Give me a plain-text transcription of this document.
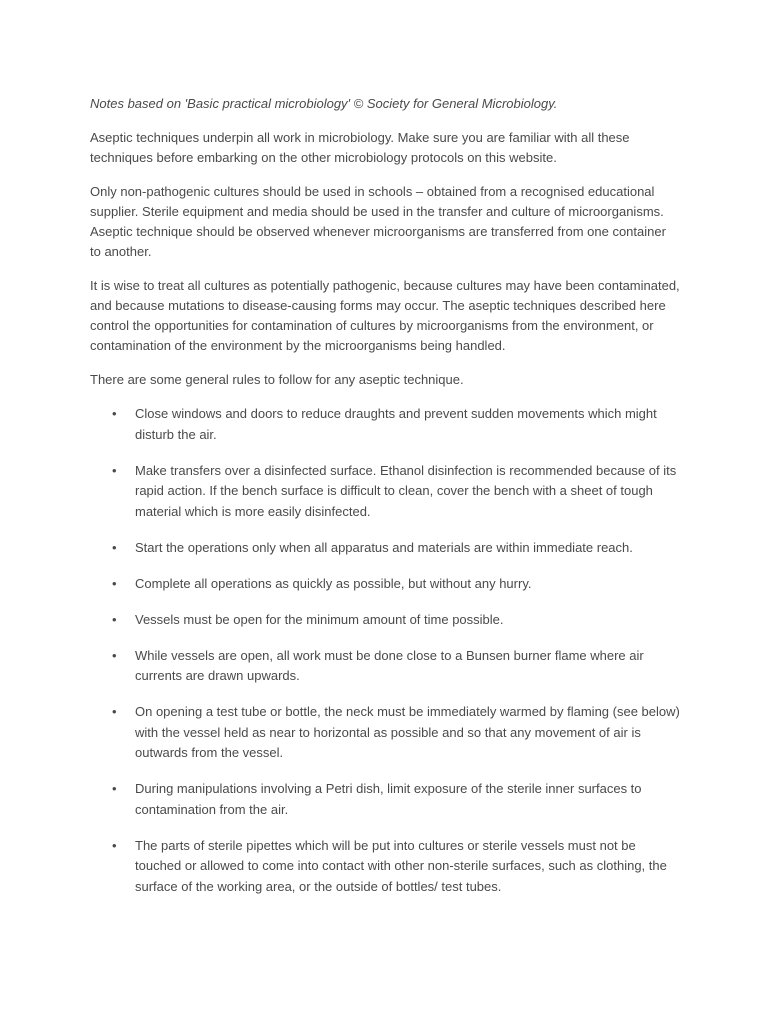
Notes based on 'Basic practical microbiology' © Society for General Microbiology.

Aseptic techniques underpin all work in microbiology. Make sure you are familiar with all these techniques before embarking on the other microbiology protocols on this website.

Only non-pathogenic cultures should be used in schools – obtained from a recognised educational supplier. Sterile equipment and media should be used in the transfer and culture of microorganisms. Aseptic technique should be observed whenever microorganisms are transferred from one container to another.

It is wise to treat all cultures as potentially pathogenic, because cultures may have been contaminated, and because mutations to disease-causing forms may occur. The aseptic techniques described here control the opportunities for contamination of cultures by microorganisms from the environment, or contamination of the environment by the microorganisms being handled.

There are some general rules to follow for any aseptic technique.

• Close windows and doors to reduce draughts and prevent sudden movements which might disturb the air.
• Make transfers over a disinfected surface. Ethanol disinfection is recommended because of its rapid action. If the bench surface is difficult to clean, cover the bench with a sheet of tough material which is more easily disinfected.
• Start the operations only when all apparatus and materials are within immediate reach.
• Complete all operations as quickly as possible, but without any hurry.
• Vessels must be open for the minimum amount of time possible.
• While vessels are open, all work must be done close to a Bunsen burner flame where air currents are drawn upwards.
• On opening a test tube or bottle, the neck must be immediately warmed by flaming (see below) with the vessel held as near to horizontal as possible and so that any movement of air is outwards from the vessel.
• During manipulations involving a Petri dish, limit exposure of the sterile inner surfaces to contamination from the air.
• The parts of sterile pipettes which will be put into cultures or sterile vessels must not be touched or allowed to come into contact with other non-sterile surfaces, such as clothing, the surface of the working area, or the outside of bottles/ test tubes.
